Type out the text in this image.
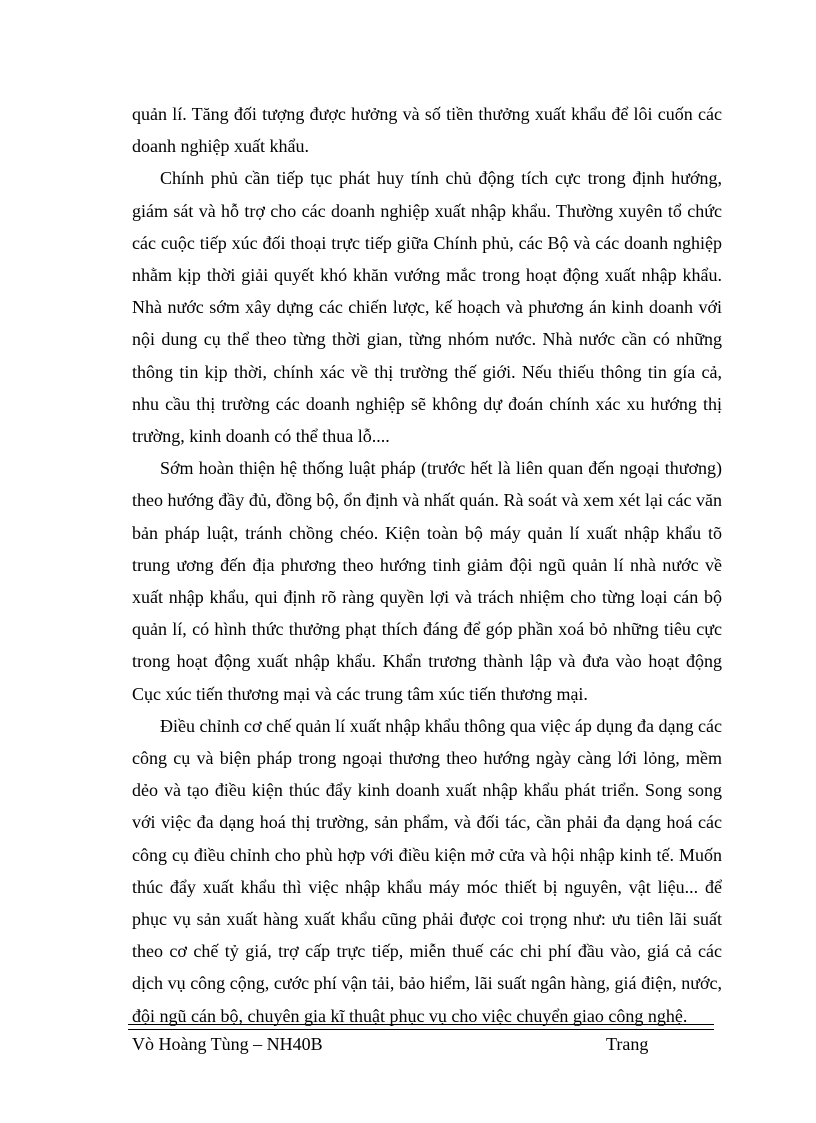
quản lí. Tăng đối tượng được hưởng và số tiền thưởng xuất khẩu để lôi cuốn các doanh nghiệp xuất khẩu.

Chính phủ cần tiếp tục phát huy tính chủ động tích cực trong định hướng, giám sát và hỗ trợ cho các doanh nghiệp xuất nhập khẩu. Thường xuyên tổ chức các cuộc tiếp xúc đối thoại trực tiếp giữa Chính phủ, các Bộ và các doanh nghiệp nhằm kịp thời giải quyết khó khăn vướng mắc trong hoạt động xuất nhập khẩu. Nhà nước sớm xây dựng các chiến lược, kế hoạch và phương án kinh doanh với nội dung cụ thể theo từng thời gian, từng nhóm nước. Nhà nước cần có những thông tin kịp thời, chính xác về thị trường thế giới. Nếu thiếu thông tin gía cả, nhu cầu thị trường các doanh nghiệp sẽ không dự đoán chính xác xu hướng thị trường, kinh doanh có thể thua lỗ....

Sớm hoàn thiện hệ thống luật pháp (trước hết là liên quan đến ngoại thương) theo hướng đầy đủ, đồng bộ, ổn định và nhất quán. Rà soát và xem xét lại các văn bản pháp luật, tránh chồng chéo. Kiện toàn bộ máy quản lí xuất nhập khẩu tõ trung ương đến địa phương theo hướng tinh giảm đội ngũ quản lí nhà nước về xuất nhập khẩu, qui định rõ ràng quyền lợi và trách nhiệm cho từng loại cán bộ quản lí, có hình thức thưởng phạt thích đáng để góp phần xoá bỏ những tiêu cực trong hoạt động xuất nhập khẩu. Khẩn trương thành lập và đưa vào hoạt động Cục xúc tiến thương mại và các trung tâm xúc tiến thương mại.

Điều chỉnh cơ chế quản lí xuất nhập khẩu thông qua việc áp dụng đa dạng các công cụ và biện pháp trong ngoại thương theo hướng ngày càng lới lỏng, mềm dẻo và tạo điều kiện thúc đẩy kinh doanh xuất nhập khẩu phát triển. Song song với việc đa dạng hoá thị trường, sản phẩm, và đối tác, cần phải đa dạng hoá các công cụ điều chỉnh cho phù hợp với điều kiện mở cửa và hội nhập kinh tế. Muốn thúc đẩy xuất khẩu thì việc nhập khẩu máy móc thiết bị nguyên, vật liệu... để phục vụ sản xuất hàng xuất khẩu cũng phải được coi trọng như: ưu tiên lãi suất theo cơ chế tỷ giá, trợ cấp trực tiếp, miễn thuế các chi phí đầu vào, giá cả các dịch vụ công cộng, cước phí vận tải, bảo hiểm, lãi suất ngân hàng, giá điện, nước, đội ngũ cán bộ, chuyên gia kĩ thuật phục vụ cho việc chuyển giao công nghệ.

Vò Hoàng Tùng – NH40B	Trang
